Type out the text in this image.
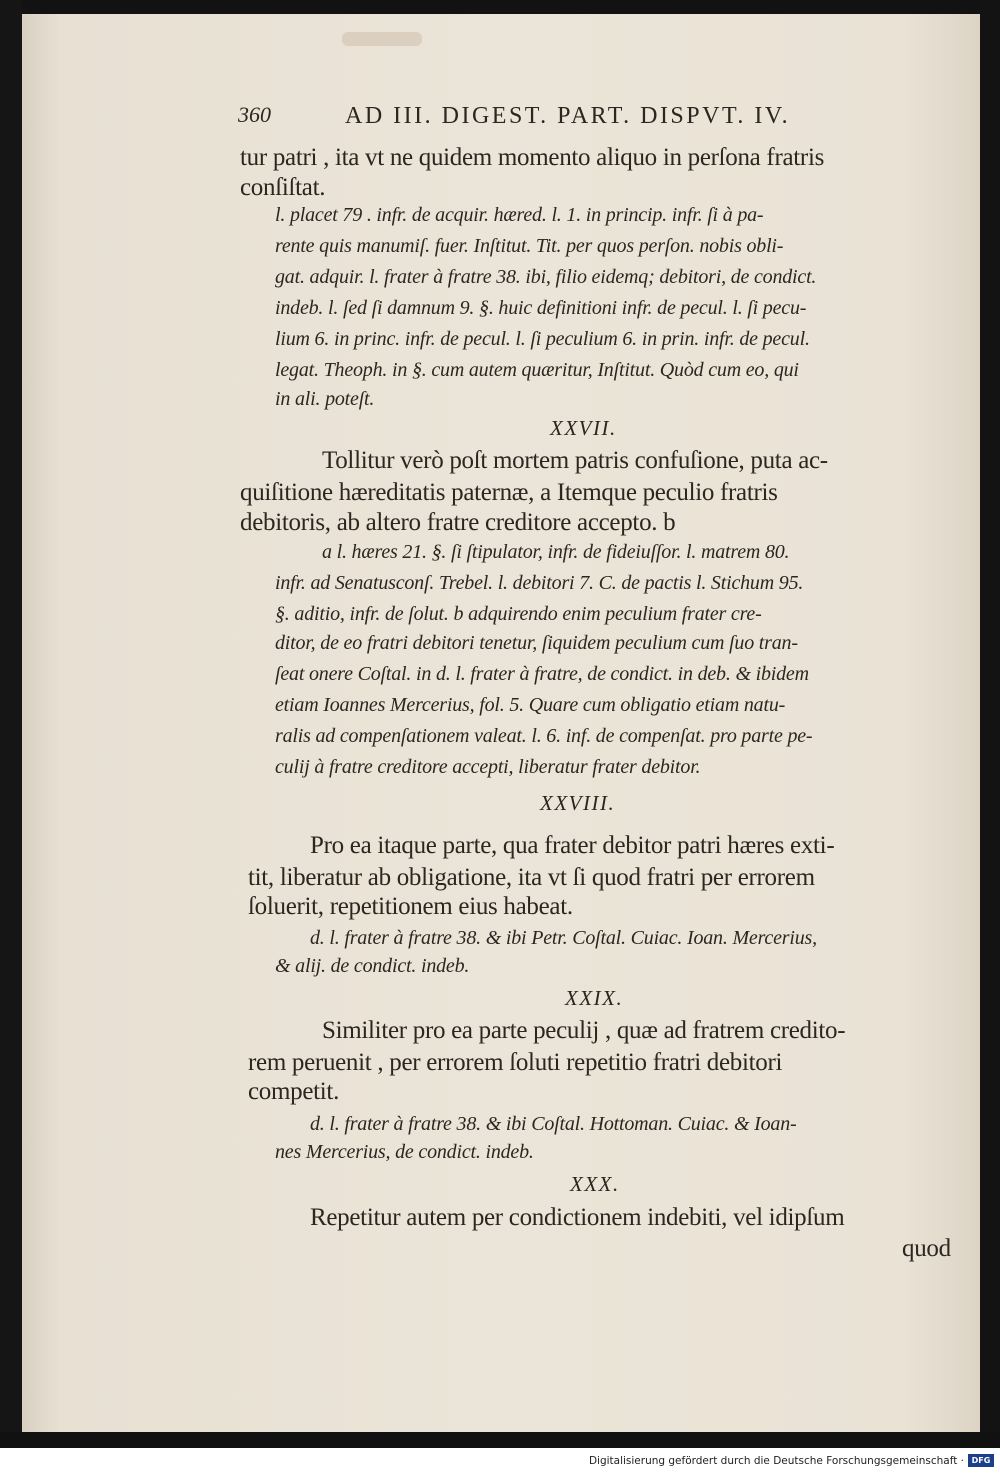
360	AD III. DIGEST. PART. DISPVT. IV.
tur patri , ita vt ne quidem momento aliquo in perſona fratris
conſiſtat.
l. placet 79 . infr. de acquir. hæred. l. 1. in princip. infr. ſi à pa-
rente quis manumiſ. fuer. Inſtitut. Tit. per quos perſon. nobis obli-
gat. adquir. l. frater à fratre 38. ibi, filio eidemq; debitori, de condict.
indeb. l. ſed ſi damnum 9. §. huic definitioni infr. de pecul. l. ſi pecu-
lium 6. in princ. infr. de pecul. l. ſi peculium 6. in prin. infr. de pecul.
legat. Theoph. in §. cum autem quæritur, Inſtitut. Quòd cum eo, qui
in ali. poteſt.
XXVII.
Tollitur verò poſt mortem patris confuſione, puta ac-
quiſitione hæreditatis paternæ, a Itemque peculio fratris
debitoris, ab altero fratre creditore accepto. b
a l. hæres 21. §. ſi ſtipulator, infr. de fideiuſſor. l. matrem 80.
infr. ad Senatusconſ. Trebel. l. debitori 7. C. de pactis l. Stichum 95.
§. aditio, infr. de ſolut. b adquirendo enim peculium frater cre-
ditor, de eo fratri debitori tenetur, ſiquidem peculium cum ſuo tran-
ſeat onere Coſtal. in d. l. frater à fratre, de condict. in deb. & ibidem
etiam Ioannes Mercerius, fol. 5. Quare cum obligatio etiam natu-
ralis ad compenſationem valeat. l. 6. inf. de compenſat. pro parte pe-
culij à fratre creditore accepti, liberatur frater debitor.
XXVIII.
Pro ea itaque parte, qua frater debitor patri hæres exti-
tit, liberatur ab obligatione, ita vt ſi quod fratri per errorem
ſoluerit, repetitionem eius habeat.
d. l. frater à fratre 38. & ibi Petr. Coſtal. Cuiac. Ioan. Mercerius,
& alij. de condict. indeb.
XXIX.
Similiter pro ea parte peculij , quæ ad fratrem credito-
rem peruenit , per errorem ſoluti repetitio fratri debitori
competit.
d. l. frater à fratre 38. & ibi Coſtal. Hottoman. Cuiac. & Ioan-
nes Mercerius, de condict. indeb.
XXX.
Repetitur autem per condictionem indebiti, vel idipſum
quod
Digitalisierung gefördert durch die Deutsche Forschungsgemeinschaft · DFG
